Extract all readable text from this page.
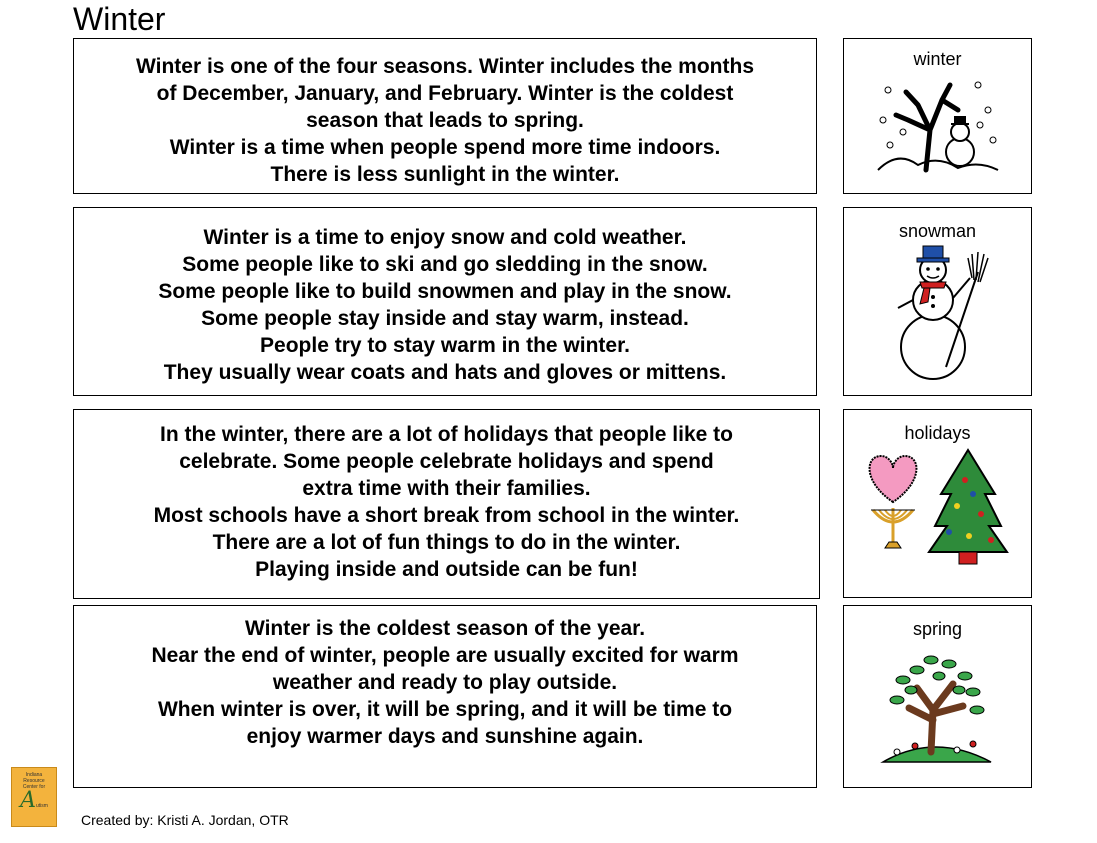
Winter
Winter is one of the four seasons. Winter includes the months
of December, January, and February. Winter is the coldest
season that leads to spring.
Winter is a time when people spend more time indoors.
There is less sunlight in the winter.
winter
Winter is a time to enjoy snow and cold weather.
Some people like to ski and go sledding in the snow.
Some people like to build snowmen and play in the snow.
Some people stay inside and stay warm, instead.
People try to stay warm in the winter.
They usually wear coats and hats and gloves or mittens.
snowman
In the winter, there are a lot of holidays that people like to
celebrate. Some people celebrate holidays and spend
extra time with their families.
Most schools have a short break from school in the winter.
There are a lot of fun things to do in the winter.
Playing inside and outside can be fun!
holidays
Winter is the coldest season of the year.
Near the end of winter, people are usually excited for warm
weather and ready to play outside.
When winter is over, it will be spring, and it will be time to
enjoy warmer days and sunshine again.
spring
Indiana
Resource
Center for
Autism
Created by: Kristi A. Jordan, OTR
